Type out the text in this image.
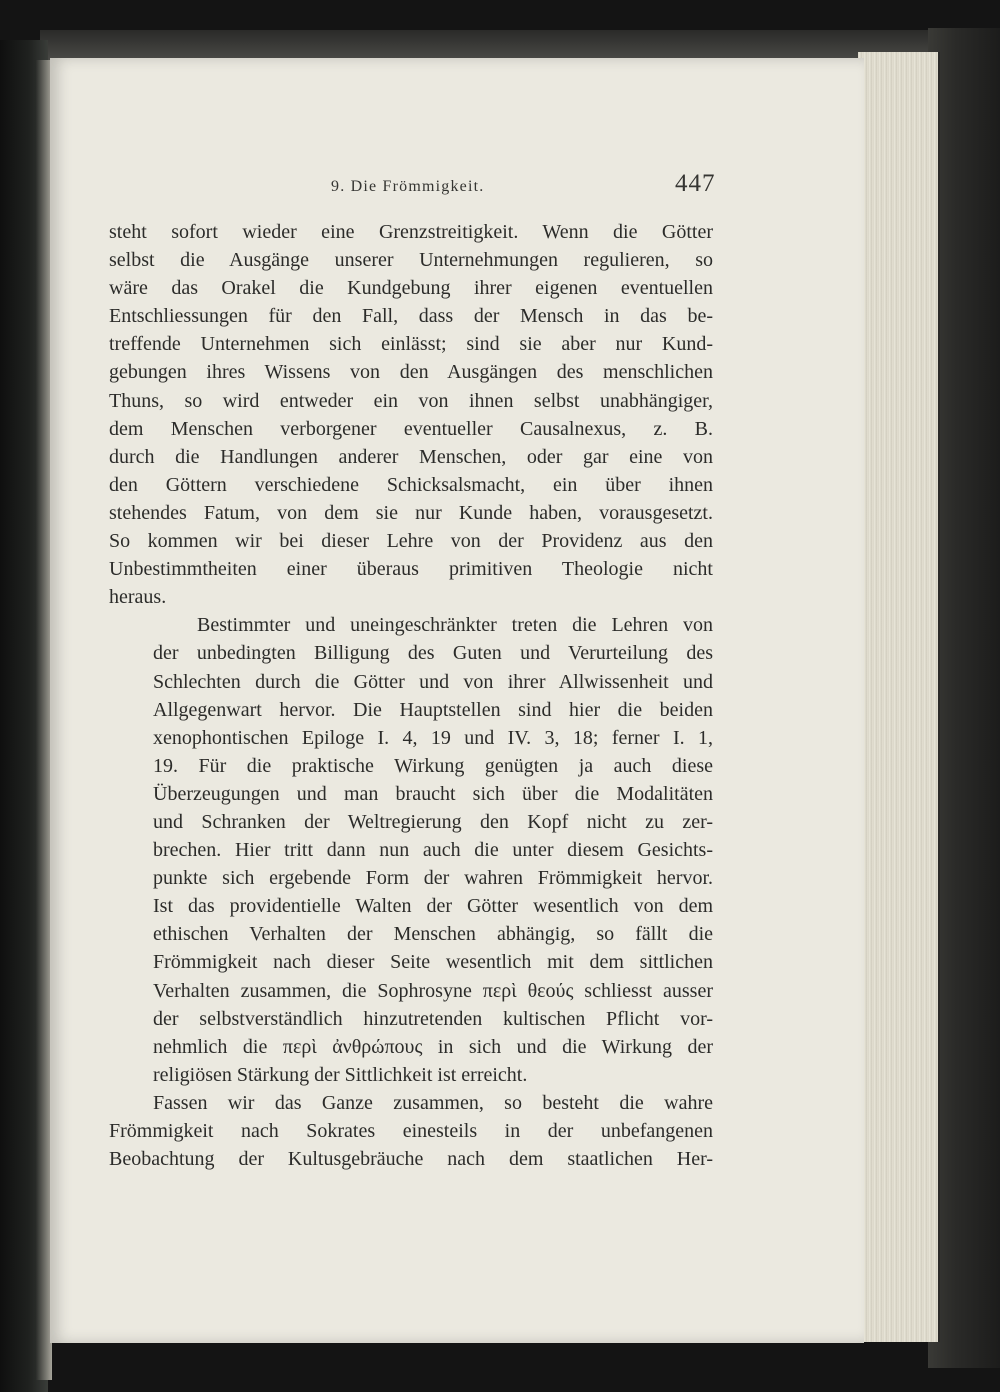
9. Die Frömmigkeit.	447

steht sofort wieder eine Grenzstreitigkeit. Wenn die Götter
selbst die Ausgänge unserer Unternehmungen regulieren, so
wäre das Orakel die Kundgebung ihrer eigenen eventuellen
Entschliessungen für den Fall, dass der Mensch in das be-
treffende Unternehmen sich einlässt; sind sie aber nur Kund-
gebungen ihres Wissens von den Ausgängen des menschlichen
Thuns, so wird entweder ein von ihnen selbst unabhängiger,
dem Menschen verborgener eventueller Causalnexus, z. B.
durch die Handlungen anderer Menschen, oder gar eine von
den Göttern verschiedene Schicksalsmacht, ein über ihnen
stehendes Fatum, von dem sie nur Kunde haben, vorausgesetzt.
So kommen wir bei dieser Lehre von der Providenz aus den
Unbestimmtheiten einer überaus primitiven Theologie nicht
heraus.

Bestimmter und uneingeschränkter treten die Lehren von
der unbedingten Billigung des Guten und Verurteilung des
Schlechten durch die Götter und von ihrer Allwissenheit und
Allgegenwart hervor. Die Hauptstellen sind hier die beiden
xenophontischen Epiloge I. 4, 19 und IV. 3, 18; ferner I. 1,
19. Für die praktische Wirkung genügten ja auch diese
Überzeugungen und man braucht sich über die Modalitäten
und Schranken der Weltregierung den Kopf nicht zu zer-
brechen. Hier tritt dann nun auch die unter diesem Gesichts-
punkte sich ergebende Form der wahren Frömmigkeit hervor.
Ist das providentielle Walten der Götter wesentlich von dem
ethischen Verhalten der Menschen abhängig, so fällt die
Frömmigkeit nach dieser Seite wesentlich mit dem sittlichen
Verhalten zusammen, die Sophrosyne περὶ θεούς schliesst ausser
der selbstverständlich hinzutretenden kultischen Pflicht vor-
nehmlich die περὶ ἀνθρώπους in sich und die Wirkung der
religiösen Stärkung der Sittlichkeit ist erreicht.

Fassen wir das Ganze zusammen, so besteht die wahre
Frömmigkeit nach Sokrates einesteils in der unbefangenen
Beobachtung der Kultusgebräuche nach dem staatlichen Her-
